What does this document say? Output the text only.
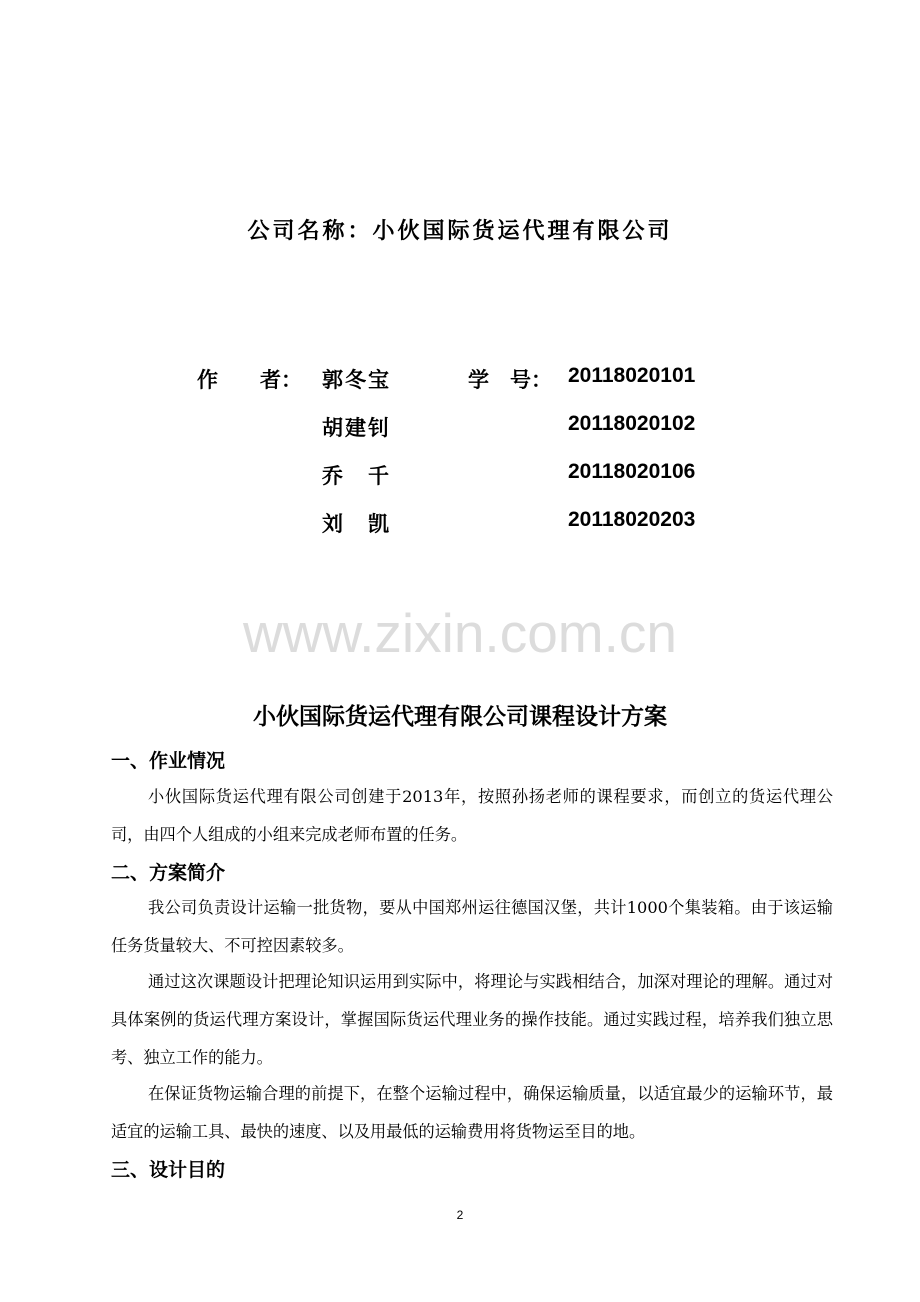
公司名称：小伙国际货运代理有限公司
作　　者： 郭冬宝	学　号： 20118020101
胡建钊	20118020102
乔　千	20118020106
刘　凯	20118020203
www.zixin.com.cn
小伙国际货运代理有限公司课程设计方案
一、作业情况

小伙国际货运代理有限公司创建于2013年，按照孙扬老师的课程要求，而创立的货运代理公司，由四个人组成的小组来完成老师布置的任务。

二、方案简介

我公司负责设计运输一批货物，要从中国郑州运往德国汉堡，共计1000个集装箱。由于该运输任务货量较大、不可控因素较多。

通过这次课题设计把理论知识运用到实际中，将理论与实践相结合，加深对理论的理解。通过对具体案例的货运代理方案设计，掌握国际货运代理业务的操作技能。通过实践过程，培养我们独立思考、独立工作的能力。

在保证货物运输合理的前提下，在整个运输过程中，确保运输质量，以适宜最少的运输环节，最适宜的运输工具、最快的速度、以及用最低的运输费用将货物运至目的地。

三、设计目的
2
